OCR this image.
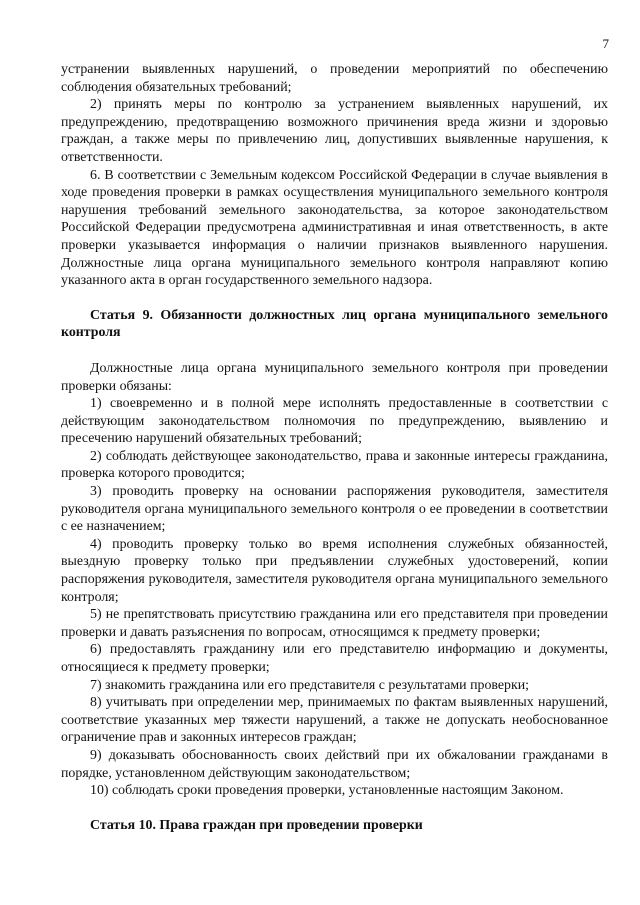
7

устранении выявленных нарушений, о проведении мероприятий по обеспечению соблюдения обязательных требований;

2) принять меры по контролю за устранением выявленных нарушений, их предупреждению, предотвращению возможного причинения вреда жизни и здоровью граждан, а также меры по привлечению лиц, допустивших выявленные нарушения, к ответственности.

6. В соответствии с Земельным кодексом Российской Федерации в случае выявления в ходе проведения проверки в рамках осуществления муниципального земельного контроля нарушения требований земельного законодательства, за которое законодательством Российской Федерации предусмотрена административная и иная ответственность, в акте проверки указывается информация о наличии признаков выявленного нарушения. Должностные лица органа муниципального земельного контроля направляют копию указанного акта в орган государственного земельного надзора.

Статья 9. Обязанности должностных лиц органа муниципального земельного контроля

Должностные лица органа муниципального земельного контроля при проведении проверки обязаны:

1) своевременно и в полной мере исполнять предоставленные в соответствии с действующим законодательством полномочия по предупреждению, выявлению и пресечению нарушений обязательных требований;

2) соблюдать действующее законодательство, права и законные интересы гражданина, проверка которого проводится;

3) проводить проверку на основании распоряжения руководителя, заместителя руководителя органа муниципального земельного контроля о ее проведении в соответствии с ее назначением;

4) проводить проверку только во время исполнения служебных обязанностей, выездную проверку только при предъявлении служебных удостоверений, копии распоряжения руководителя, заместителя руководителя органа муниципального земельного контроля;

5) не препятствовать присутствию гражданина или его представителя при проведении проверки и давать разъяснения по вопросам, относящимся к предмету проверки;

6) предоставлять гражданину или его представителю информацию и документы, относящиеся к предмету проверки;

7) знакомить гражданина или его представителя с результатами проверки;

8) учитывать при определении мер, принимаемых по фактам выявленных нарушений, соответствие указанных мер тяжести нарушений, а также не допускать необоснованное ограничение прав и законных интересов граждан;

9) доказывать обоснованность своих действий при их обжаловании гражданами в порядке, установленном действующим законодательством;

10) соблюдать сроки проведения проверки, установленные настоящим Законом.

Статья 10. Права граждан при проведении проверки
